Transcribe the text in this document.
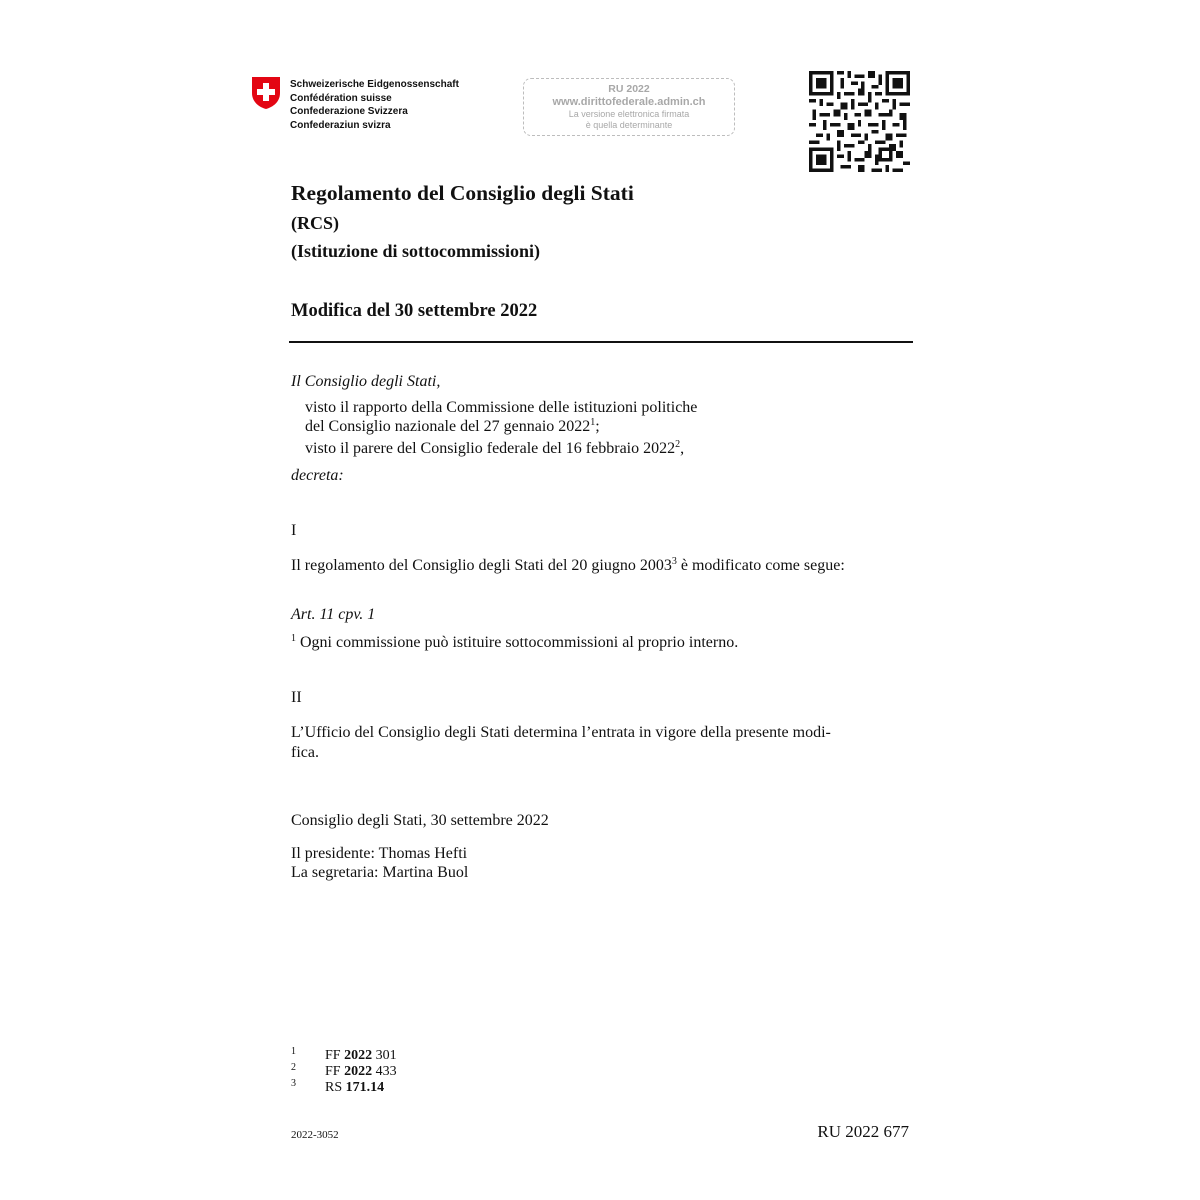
Schweizerische Eidgenossenschaft
Confédération suisse
Confederazione Svizzera
Confederaziun svizra
RU 2022
www.dirittofederale.admin.ch
La versione elettronica firmata
è quella determinante
Regolamento del Consiglio degli Stati
(RCS)
(Istituzione di sottocommissioni)
Modifica del 30 settembre 2022
Il Consiglio degli Stati,
visto il rapporto della Commissione delle istituzioni politiche
del Consiglio nazionale del 27 gennaio 2022$^1$;
visto il parere del Consiglio federale del 16 febbraio 2022$^2$,
decreta:
I
Il regolamento del Consiglio degli Stati del 20 giugno 2003$^3$ è modificato come segue:
Art. 11 cpv. 1
$^1$ Ogni commissione può istituire sottocommissioni al proprio interno.
II
L’Ufficio del Consiglio degli Stati determina l’entrata in vigore della presente modi-
fica.
Consiglio degli Stati, 30 settembre 2022
Il presidente: Thomas Hefti
La segretaria: Martina Buol
1 FF 2022 301
2 FF 2022 433
3 RS 171.14
2022-3052	RU 2022 677
